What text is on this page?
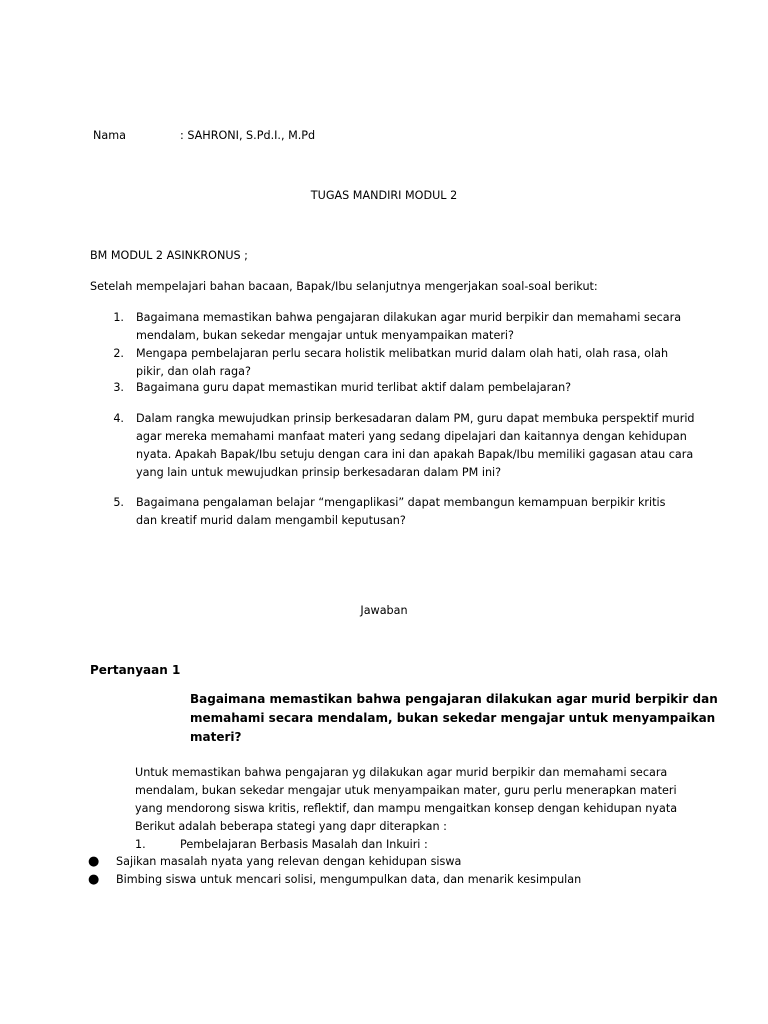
Nama	: SAHRONI, S.Pd.I., M.Pd
TUGAS MANDIRI MODUL 2
BM MODUL 2 ASINKRONUS ;
Setelah mempelajari bahan bacaan, Bapak/Ibu selanjutnya mengerjakan soal-soal berikut:
1. Bagaimana memastikan bahwa pengajaran dilakukan agar murid berpikir dan memahami secara
mendalam, bukan sekedar mengajar untuk menyampaikan materi?
2. Mengapa pembelajaran perlu secara holistik melibatkan murid dalam olah hati, olah rasa, olah
pikir, dan olah raga?
3. Bagaimana guru dapat memastikan murid terlibat aktif dalam pembelajaran?
4. Dalam rangka mewujudkan prinsip berkesadaran dalam PM, guru dapat membuka perspektif murid
agar mereka memahami manfaat materi yang sedang dipelajari dan kaitannya dengan kehidupan
nyata. Apakah Bapak/Ibu setuju dengan cara ini dan apakah Bapak/Ibu memiliki gagasan atau cara
yang lain untuk mewujudkan prinsip berkesadaran dalam PM ini?
5. Bagaimana pengalaman belajar “mengaplikasi” dapat membangun kemampuan berpikir kritis
dan kreatif murid dalam mengambil keputusan?
Jawaban
Pertanyaan 1
Bagaimana memastikan bahwa pengajaran dilakukan agar murid berpikir dan
memahami secara mendalam, bukan sekedar mengajar untuk menyampaikan
materi?
Untuk memastikan bahwa pengajaran yg dilakukan agar murid berpikir dan memahami secara
mendalam, bukan sekedar mengajar utuk menyampaikan mater, guru perlu menerapkan materi
yang mendorong siswa kritis, reflektif, dan mampu mengaitkan konsep dengan kehidupan nyata
Berikut adalah beberapa stategi yang dapr diterapkan :
1.	Pembelajaran Berbasis Masalah dan Inkuiri :
● Sajikan masalah nyata yang relevan dengan kehidupan siswa
● Bimbing siswa untuk mencari solisi, mengumpulkan data, dan menarik kesimpulan
